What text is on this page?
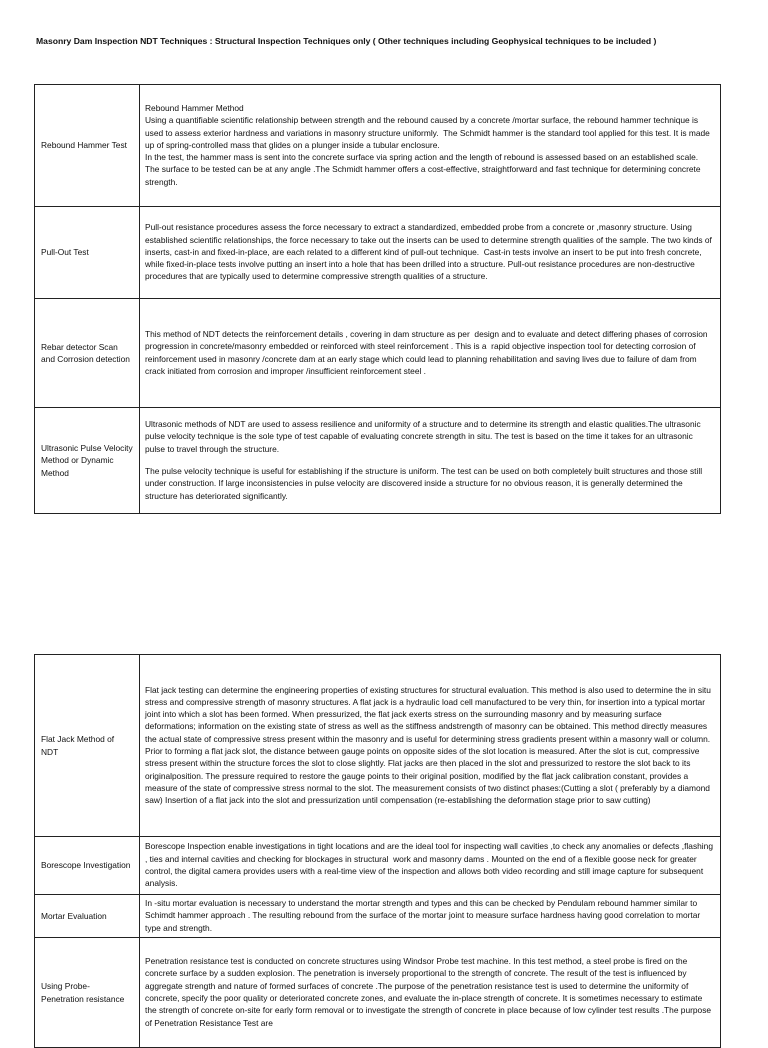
Masonry Dam Inspection NDT Techniques : Structural Inspection Techniques only ( Other techniques including Geophysical techniques to be included )
Rebound Hammer Test	Rebound Hammer Method
Using a quantifiable scientific relationship between strength and the rebound caused by a concrete /mortar surface, the rebound hammer technique is used to assess exterior hardness and variations in masonry structure uniformly.  The Schmidt hammer is the standard tool applied for this test. It is made up of spring-controlled mass that glides on a plunger inside a tubular enclosure.
In the test, the hammer mass is sent into the concrete surface via spring action and the length of rebound is assessed based on an established scale. The surface to be tested can be at any angle .The Schmidt hammer offers a cost-effective, straightforward and fast technique for determining concrete strength.

Pull-Out Test	Pull-out resistance procedures assess the force necessary to extract a standardized, embedded probe from a concrete or ,masonry structure. Using established scientific relationships, the force necessary to take out the inserts can be used to determine strength qualities of the sample. The two kinds of inserts, cast-in and fixed-in-place, are each related to a different kind of pull-out technique.  Cast-in tests involve an insert to be put into fresh concrete, while fixed-in-place tests involve putting an insert into a hole that has been drilled into a structure. Pull-out resistance procedures are non-destructive   procedures that are typically used to determine compressive strength qualities of a structure.

Rebar detector Scan and Corrosion detection	This method of NDT detects the reinforcement details , covering in dam structure as per  design and to evaluate and detect differing phases of corrosion progression in concrete/masonry embedded or reinforced with steel reinforcement . This is a  rapid objective inspection tool for detecting corrosion of reinforcement used in masonry /concrete dam at an early stage which could lead to planning rehabilitation and saving lives due to failure of dam from  crack initiated from corrosion and improper /insufficient reinforcement steel .

Ultrasonic Pulse Velocity Method or Dynamic Method	Ultrasonic methods of NDT are used to assess resilience and uniformity of a structure and to determine its strength and elastic qualities.The ultrasonic pulse velocity technique is the sole type of test capable of evaluating concrete strength in situ. The test is based on the time it takes for an ultrasonic pulse to travel through the structure.

The pulse velocity technique is useful for establishing if the structure is uniform. The test can be used on both completely built structures and those still under construction. If large inconsistencies in pulse velocity are discovered inside a structure for no obvious reason, it is generally determined the structure has deteriorated significantly.

Flat Jack Method of NDT	Flat jack testing can determine the engineering properties of existing structures for structural evaluation. This method is also used to determine the in situ stress and compressive strength of masonry structures. A flat jack is a hydraulic load cell manufactured to be very thin, for insertion into a typical mortar joint into which a slot has been formed. When pressurized, the flat jack exerts stress on the surrounding masonry and by measuring surface deformations; information on the existing state of stress as well as the stiffness andstrength of masonry can be obtained. This method directly measures the actual state of compressive stress present within the masonry and is useful for determining stress gradients present within a masonry wall or column. Prior to forming a flat jack slot, the distance between gauge points on opposite sides of the slot location is measured. After the slot is cut, compressive stress present within the structure forces the slot to close slightly. Flat jacks are then placed in the slot and pressurized to restore the slot back to its originalposition. The pressure required to restore the gauge points to their original position, modified by the flat jack calibration constant, provides a measure of the state of compressive stress normal to the slot. The measurement consists of two distinct phases:(Cutting a slot ( preferably by a diamond saw) Insertion of a flat jack into the slot and pressurization until compensation (re-establishing the deformation stage prior to saw cutting)

Borescope Investigation	Borescope Inspection enable investigations in tight locations and are the ideal tool for inspecting wall cavities ,to check any anomalies or defects ,flashing , ties and internal cavities and checking for blockages in structural  work and masonry dams . Mounted on the end of a flexible goose neck for greater control, the digital camera provides users with a real-time view of the inspection and allows both video recording and still image capture for subsequent analysis.

Mortar Evaluation	In -situ mortar evaluation is necessary to understand the mortar strength and types and this can be checked by Pendulam rebound hammer similar to Schimdt hammer approach . The resulting rebound from the surface of the mortar joint to measure surface hardness having good correlation to mortar type and strength.

Using Probe- Penetration resistance	Penetration resistance test is conducted on concrete structures using Windsor Probe test machine. In this test method, a steel probe is fired on the concrete surface by a sudden explosion. The penetration is inversely proportional to the strength of concrete. The result of the test is influenced by aggregate strength and nature of formed surfaces of concrete .The purpose of the penetration resistance test is used to determine the uniformity of concrete, specify the poor quality or deteriorated concrete zones, and evaluate the in-place strength of concrete. It is sometimes necessary to estimate the strength of concrete on-site for early form removal or to investigate the strength of concrete in place because of low cylinder test results .The purpose of Penetration Resistance Test are
